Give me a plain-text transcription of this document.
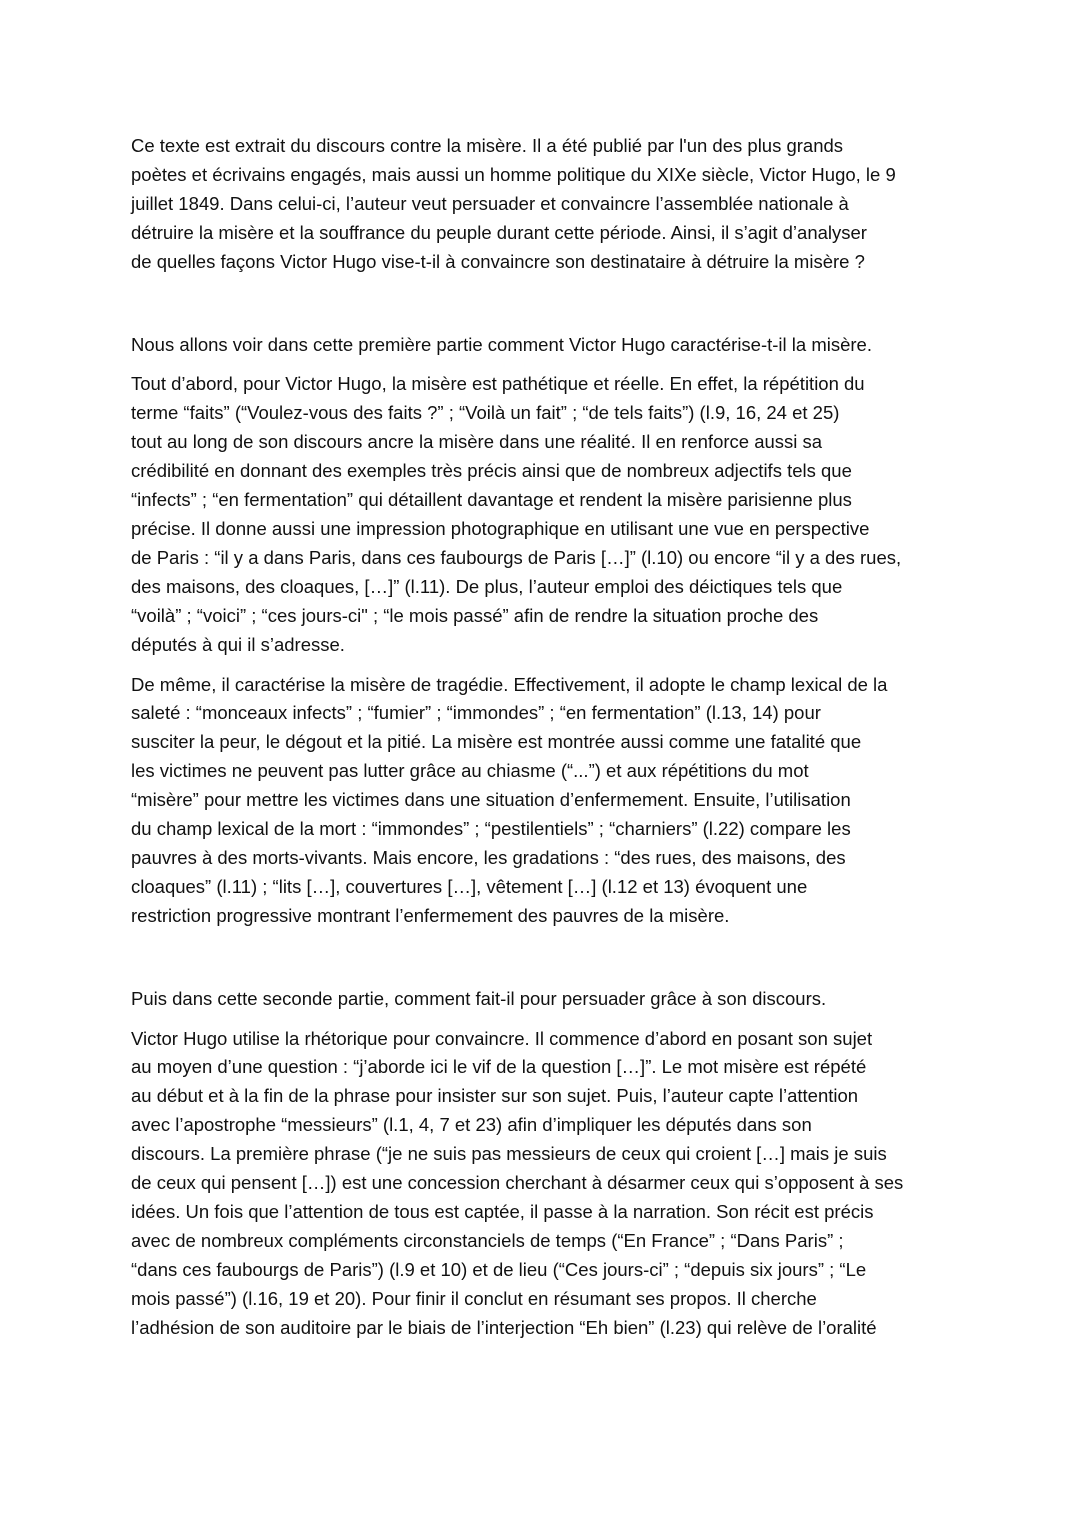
Ce texte est extrait du discours contre la misère. Il a été publié par l'un des plus grands
poètes et écrivains engagés, mais aussi un homme politique du XIXe siècle, Victor Hugo, le 9
juillet 1849. Dans celui-ci, l’auteur veut persuader et convaincre l’assemblée nationale à
détruire la misère et la souffrance du peuple durant cette période. Ainsi, il s’agit d’analyser
de quelles façons Victor Hugo vise-t-il à convaincre son destinataire à détruire la misère ?

Nous allons voir dans cette première partie comment Victor Hugo caractérise-t-il la misère.

Tout d’abord, pour Victor Hugo, la misère est pathétique et réelle. En effet, la répétition du
terme “faits” (“Voulez-vous des faits ?” ; “Voilà un fait” ; “de tels faits”) (l.9, 16, 24 et 25)
tout au long de son discours ancre la misère dans une réalité. Il en renforce aussi sa
crédibilité en donnant des exemples très précis ainsi que de nombreux adjectifs tels que
“infects” ; “en fermentation” qui détaillent davantage et rendent la misère parisienne plus
précise. Il donne aussi une impression photographique en utilisant une vue en perspective
de Paris : “il y a dans Paris, dans ces faubourgs de Paris […]” (l.10) ou encore “il y a des rues,
des maisons, des cloaques, […]” (l.11). De plus, l’auteur emploi des déictiques tels que
“voilà” ; “voici” ; “ces jours-ci" ; “le mois passé” afin de rendre la situation proche des
députés à qui il s’adresse.

De même, il caractérise la misère de tragédie. Effectivement, il adopte le champ lexical de la
saleté : “monceaux infects” ; “fumier” ; “immondes” ; “en fermentation” (l.13, 14) pour
susciter la peur, le dégout et la pitié. La misère est montrée aussi comme une fatalité que
les victimes ne peuvent pas lutter grâce au chiasme (“...”) et aux répétitions du mot
“misère” pour mettre les victimes dans une situation d’enfermement. Ensuite, l’utilisation
du champ lexical de la mort : “immondes” ; “pestilentiels” ; “charniers” (l.22) compare les
pauvres à des morts-vivants. Mais encore, les gradations : “des rues, des maisons, des
cloaques” (l.11) ; “lits […], couvertures […], vêtement […] (l.12 et 13) évoquent une
restriction progressive montrant l’enfermement des pauvres de la misère.

Puis dans cette seconde partie, comment fait-il pour persuader grâce à son discours.

Victor Hugo utilise la rhétorique pour convaincre. Il commence d’abord en posant son sujet
au moyen d’une question : “j’aborde ici le vif de la question […]”. Le mot misère est répété
au début et à la fin de la phrase pour insister sur son sujet. Puis, l’auteur capte l’attention
avec l’apostrophe “messieurs” (l.1, 4, 7 et 23) afin d’impliquer les députés dans son
discours. La première phrase (“je ne suis pas messieurs de ceux qui croient […] mais je suis
de ceux qui pensent […]) est une concession cherchant à désarmer ceux qui s’opposent à ses
idées. Un fois que l’attention de tous est captée, il passe à la narration. Son récit est précis
avec de nombreux compléments circonstanciels de temps (“En France” ; “Dans Paris” ;
“dans ces faubourgs de Paris”) (l.9 et 10) et de lieu (“Ces jours-ci” ; “depuis six jours” ; “Le
mois passé”) (l.16, 19 et 20). Pour finir il conclut en résumant ses propos. Il cherche
l’adhésion de son auditoire par le biais de l’interjection “Eh bien” (l.23) qui relève de l’oralité
